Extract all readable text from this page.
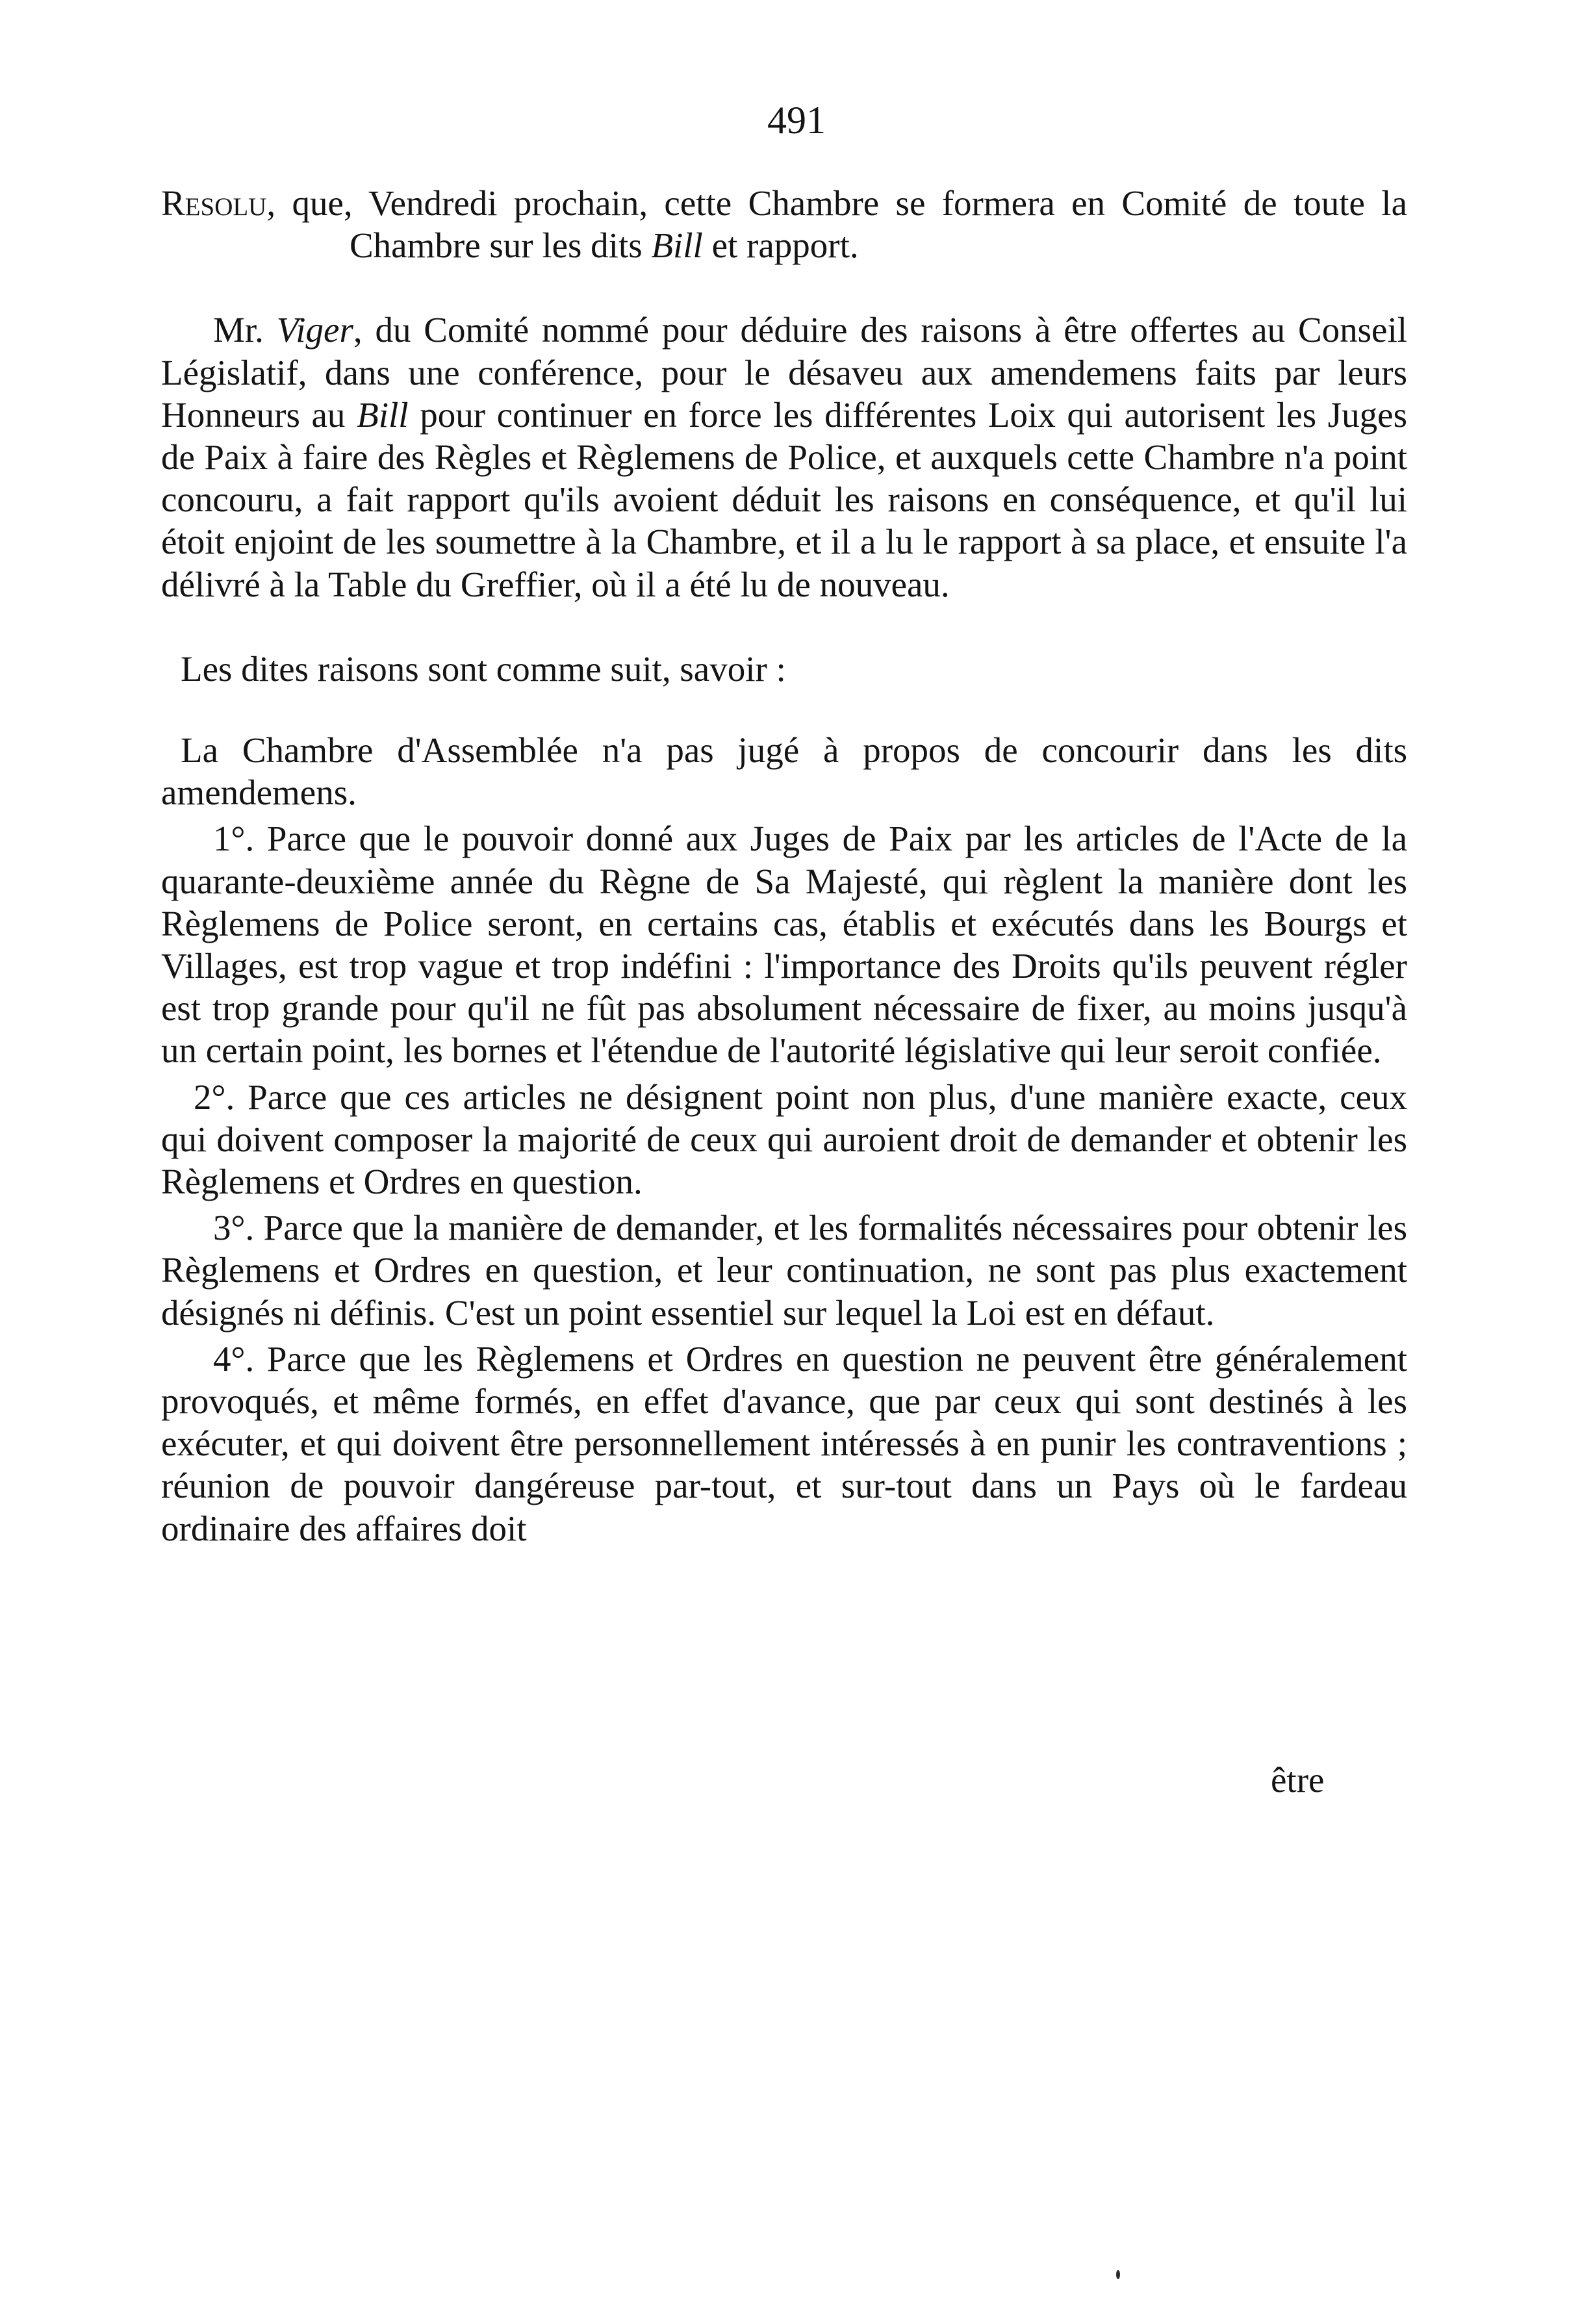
491

Resolu, que, Vendredi prochain, cette Chambre se formera en Comité de toute la Chambre sur les dits Bill et rapport.

Mr. Viger, du Comité nommé pour déduire des raisons à être offertes au Conseil Législatif, dans une conférence, pour le désaveu aux amendemens faits par leurs Honneurs au Bill pour continuer en force les différentes Loix qui autorisent les Juges de Paix à faire des Règles et Règlemens de Police, et auxquels cette Chambre n'a point concouru, a fait rapport qu'ils avoient déduit les raisons en conséquence, et qu'il lui étoit enjoint de les soumettre à la Chambre, et il a lu le rapport à sa place, et ensuite l'a délivré à la Table du Greffier, où il a été lu de nouveau.

Les dites raisons sont comme suit, savoir :

La Chambre d'Assemblée n'a pas jugé à propos de concourir dans les dits amendemens.

1°. Parce que le pouvoir donné aux Juges de Paix par les articles de l'Acte de la quarante-deuxième année du Règne de Sa Majesté, qui règlent la manière dont les Règlemens de Police seront, en certains cas, établis et exécutés dans les Bourgs et Villages, est trop vague et trop indéfini : l'importance des Droits qu'ils peuvent régler est trop grande pour qu'il ne fût pas absolument nécessaire de fixer, au moins jusqu'à un certain point, les bornes et l'étendue de l'autorité législative qui leur seroit confiée.

2°. Parce que ces articles ne désignent point non plus, d'une manière exacte, ceux qui doivent composer la majorité de ceux qui auroient droit de demander et obtenir les Règlemens et Ordres en question.

3°. Parce que la manière de demander, et les formalités nécessaires pour obtenir les Règlemens et Ordres en question, et leur continuation, ne sont pas plus exactement désignés ni définis. C'est un point essentiel sur lequel la Loi est en défaut.

4°. Parce que les Règlemens et Ordres en question ne peuvent être généralement provoqués, et même formés, en effet d'avance, que par ceux qui sont destinés à les exécuter, et qui doivent être personnellement intéressés à en punir les contraventions ; réunion de pouvoir dangéreuse par-tout, et sur-tout dans un Pays où le fardeau ordinaire des affaires doit

être
